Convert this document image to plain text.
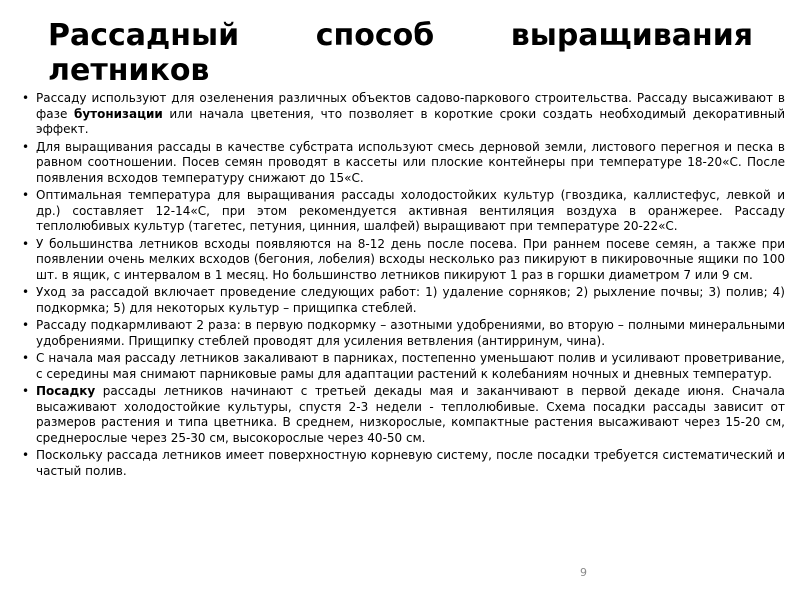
Рассадный	способ	выращивания
летников
• Рассаду используют для озеленения различных объектов садово-паркового строительства. Рассаду высаживают в фазе бутонизации или начала цветения, что позволяет в короткие сроки создать необходимый декоративный эффект.
• Для выращивания рассады в качестве субстрата используют смесь дерновой земли, листового перегноя и песка в равном соотношении. Посев семян проводят в кассеты или плоские контейнеры при температуре 18-20«С. После появления всходов температуру снижают до 15«С.
• Оптимальная температура для выращивания рассады холодостойких культур (гвоздика, каллистефус, левкой и др.) составляет 12-14«С, при этом рекомендуется активная вентиляция воздуха в оранжерее. Рассаду теплолюбивых культур (тагетес, петуния, цинния, шалфей) выращивают при температуре 20-22«С.
• У большинства летников всходы появляются на 8-12 день после посева. При раннем посеве семян, а также при появлении очень мелких всходов (бегония, лобелия) всходы несколько раз пикируют в пикировочные ящики по 100 шт. в ящик, с интервалом в 1 месяц. Но большинство летников пикируют 1 раз в горшки диаметром 7 или 9 см.
• Уход за рассадой включает проведение следующих работ: 1) удаление сорняков; 2) рыхление почвы; 3) полив; 4) подкормка; 5) для некоторых культур – прищипка стеблей.
• Рассаду подкармливают 2 раза: в первую подкормку – азотными удобрениями, во вторую – полными минеральными удобрениями. Прищипку стеблей проводят для усиления ветвления (антирринум, чина).
• С начала мая рассаду летников закаливают в парниках, постепенно уменьшают полив и усиливают проветривание, с середины мая снимают парниковые рамы для адаптации растений к колебаниям ночных и дневных температур.
• Посадку рассады летников начинают с третьей декады мая и заканчивают в первой декаде июня. Сначала высаживают холодостойкие культуры, спустя 2-3 недели - теплолюбивые. Схема посадки рассады зависит от размеров растения и типа цветника. В среднем, низкорослые, компактные растения высаживают через 15-20 см, среднерослые через 25-30 см, высокорослые через 40-50 см.
• Поскольку рассада летников имеет поверхностную корневую систему, после посадки требуется систематический и частый полив.
9
